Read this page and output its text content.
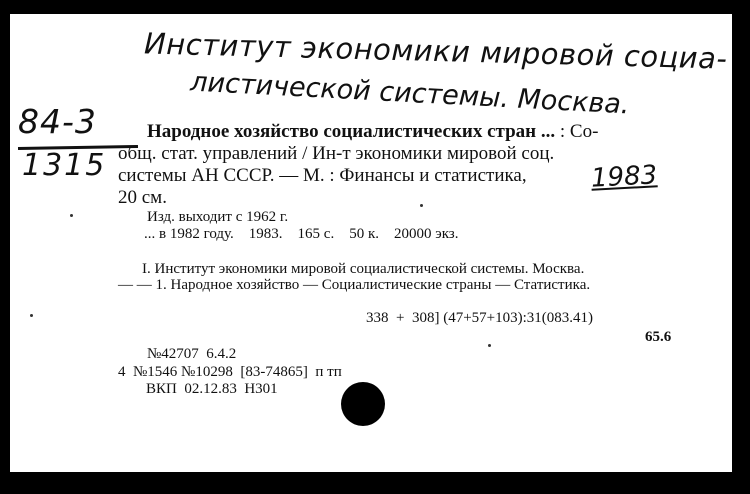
Институт экономики мировой социа-
листической системы. Москва.
84-3
1315
Народное хозяйство социалистических стран ... : Со-
общ. стат. управлений / Ин-т экономики мировой соц.
системы АН СССР. — М. : Финансы и статистика, 1983
20 см.
Изд. выходит с 1962 г.
... в 1982 году.    1983.    165 с.    50 к.    20000 экз.
I. Институт экономики мировой социалистической системы. Москва.
— — 1. Народное хозяйство — Социалистические страны — Статистика.
338  +  308] (47+57+103):31(083.41)
65.6
№42707  6.4.2
4  №1546 №10298  [83-74865]  п тп
ВКП  02.12.83  Н301
